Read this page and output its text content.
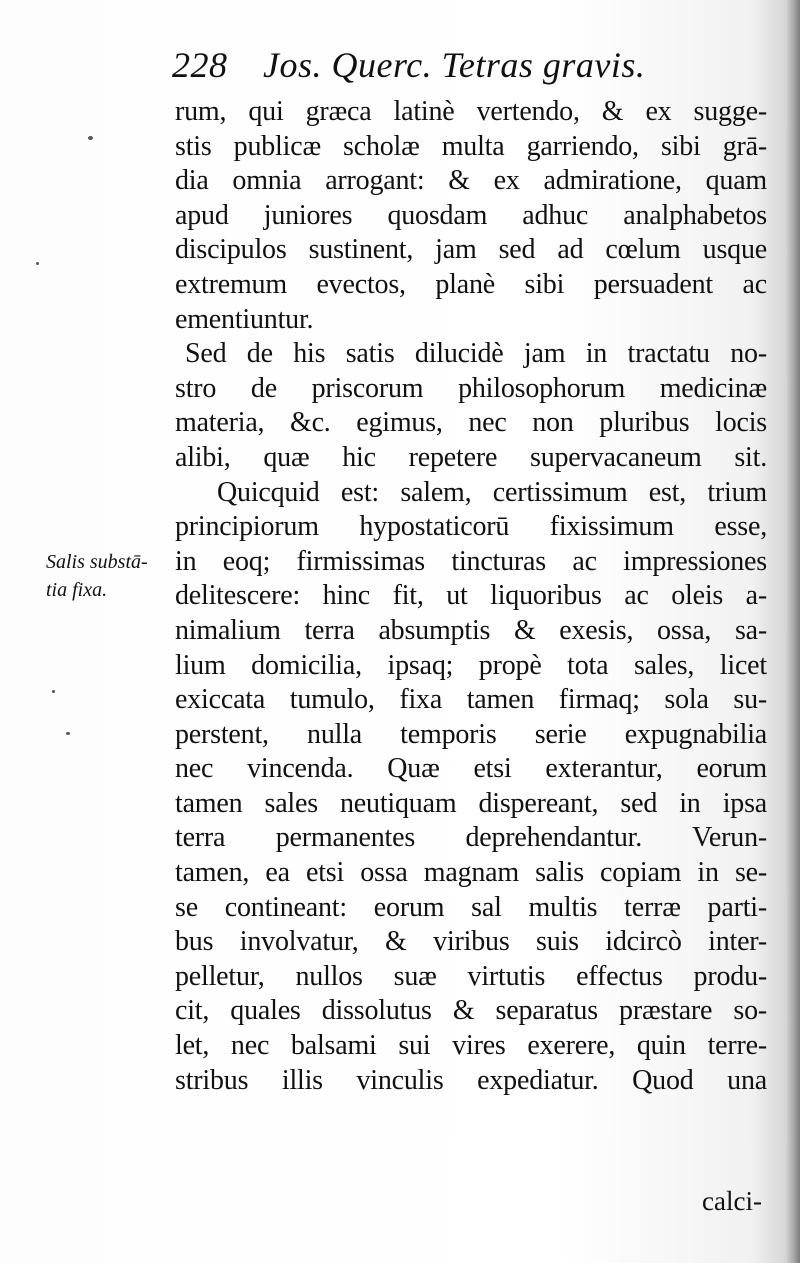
228 Jos. Querc. Tetras gravis.
Salis substā-
tia fixa.
rum, qui græca latinè vertendo, & ex sugge-
stis publicæ scholæ multa garriendo, sibi grā-
dia omnia arrogant: & ex admiratione, quam
apud juniores quosdam adhuc analphabetos
discipulos sustinent, jam sed ad cœlum usque
extremum evectos, planè sibi persuadent ac
ementiuntur.
Sed de his satis dilucidè jam in tractatu no-
stro de priscorum philosophorum medicinæ
materia, &c. egimus, nec non pluribus locis
alibi, quæ hic repetere supervacaneum sit.
Quicquid est: salem, certissimum est, trium
principiorum hypostaticorū fixissimum esse,
in eoq; firmissimas tincturas ac impressiones
delitescere: hinc fit, ut liquoribus ac oleis a-
nimalium terra absumptis & exesis, ossa, sa-
lium domicilia, ipsaq; propè tota sales, licet
exiccata tumulo, fixa tamen firmaq; sola su-
perstent, nulla temporis serie expugnabilia
nec vincenda. Quæ etsi exterantur, eorum
tamen sales neutiquam dispereant, sed in ipsa
terra permanentes deprehendantur. Verun-
tamen, ea etsi ossa magnam salis copiam in se-
se contineant: eorum sal multis terræ parti-
bus involvatur, & viribus suis idcircò inter-
pelletur, nullos suæ virtutis effectus produ-
cit, quales dissolutus & separatus præstare so-
let, nec balsami sui vires exerere, quin terre-
stribus illis vinculis expediatur. Quod una
calci-
